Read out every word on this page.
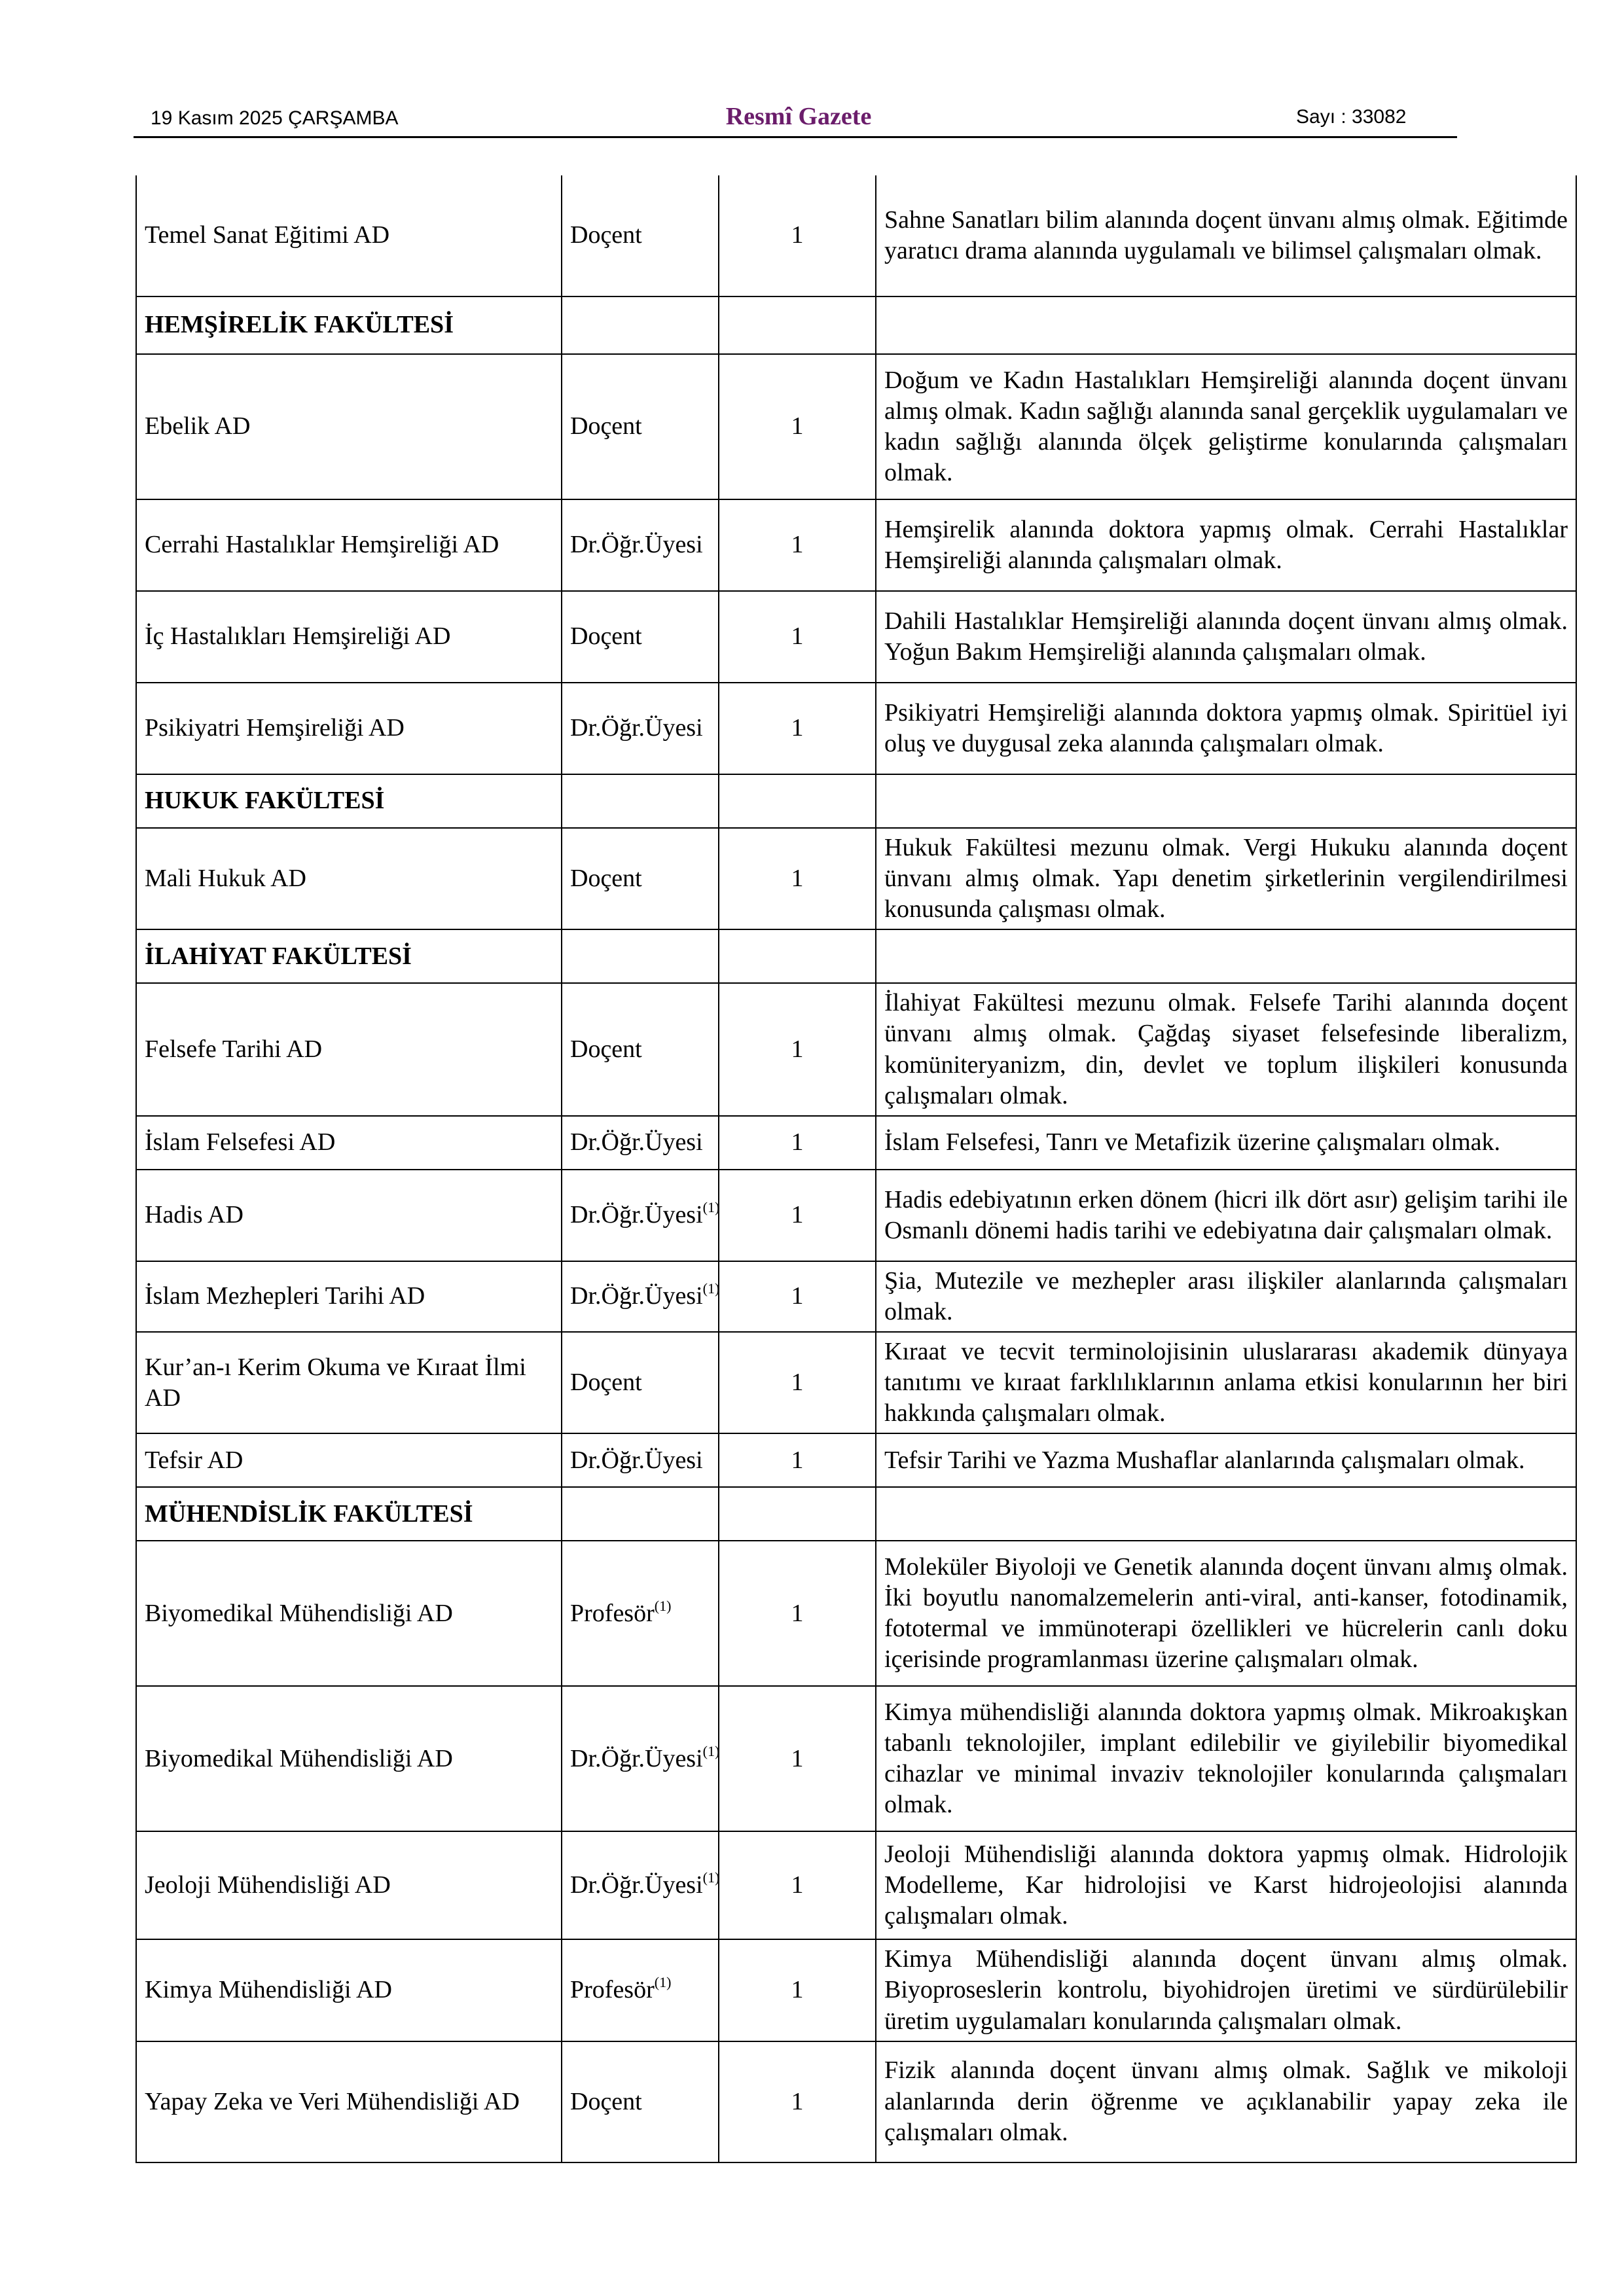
19 Kasım 2025 ÇARŞAMBA	Resmî Gazete	Sayı : 33082
Temel Sanat Eğitimi AD	Doçent	1	Sahne Sanatları bilim alanında doçent ünvanı almış olmak. Eğitimde yaratıcı drama alanında uygulamalı ve bilimsel çalışmaları olmak.
HEMŞİRELİK FAKÜLTESİ			
Ebelik AD	Doçent	1	Doğum ve Kadın Hastalıkları Hemşireliği alanında doçent ünvanı almış olmak. Kadın sağlığı alanında sanal gerçeklik uygulamaları ve kadın sağlığı alanında ölçek geliştirme konularında çalışmaları olmak.
Cerrahi Hastalıklar Hemşireliği AD	Dr.Öğr.Üyesi	1	Hemşirelik alanında doktora yapmış olmak. Cerrahi Hastalıklar Hemşireliği alanında çalışmaları olmak.
İç Hastalıkları Hemşireliği AD	Doçent	1	Dahili Hastalıklar Hemşireliği alanında doçent ünvanı almış olmak. Yoğun Bakım Hemşireliği alanında çalışmaları olmak.
Psikiyatri Hemşireliği AD	Dr.Öğr.Üyesi	1	Psikiyatri Hemşireliği alanında doktora yapmış olmak. Spiritüel iyi oluş ve duygusal zeka alanında çalışmaları olmak.
HUKUK FAKÜLTESİ			
Mali Hukuk AD	Doçent	1	Hukuk Fakültesi mezunu olmak. Vergi Hukuku alanında doçent ünvanı almış olmak. Yapı denetim şirketlerinin vergilendirilmesi konusunda çalışması olmak.
İLAHİYAT FAKÜLTESİ			
Felsefe Tarihi AD	Doçent	1	İlahiyat Fakültesi mezunu olmak. Felsefe Tarihi alanında doçent ünvanı almış olmak. Çağdaş siyaset felsefesinde liberalizm, komüniteryanizm, din, devlet ve toplum ilişkileri konusunda çalışmaları olmak.
İslam Felsefesi AD	Dr.Öğr.Üyesi	1	İslam Felsefesi, Tanrı ve Metafizik üzerine çalışmaları olmak.
Hadis AD	Dr.Öğr.Üyesi$^{(1)}$	1	Hadis edebiyatının erken dönem (hicri ilk dört asır) gelişim tarihi ile Osmanlı dönemi hadis tarihi ve edebiyatına dair çalışmaları olmak.
İslam Mezhepleri Tarihi AD	Dr.Öğr.Üyesi$^{(1)}$	1	Şia, Mutezile ve mezhepler arası ilişkiler alanlarında çalışmaları olmak.
Kur’an-ı Kerim Okuma ve Kıraat İlmi AD	Doçent	1	Kıraat ve tecvit terminolojisinin uluslararası akademik dünyaya tanıtımı ve kıraat farklılıklarının anlama etkisi konularının her biri hakkında çalışmaları olmak.
Tefsir AD	Dr.Öğr.Üyesi	1	Tefsir Tarihi ve Yazma Mushaflar alanlarında çalışmaları olmak.
MÜHENDİSLİK FAKÜLTESİ			
Biyomedikal Mühendisliği AD	Profesör$^{(1)}$	1	Moleküler Biyoloji ve Genetik alanında doçent ünvanı almış olmak. İki boyutlu nanomalzemelerin anti-viral, anti-kanser, fotodinamik, fototermal ve immünoterapi özellikleri ve hücrelerin canlı doku içerisinde programlanması üzerine çalışmaları olmak.
Biyomedikal Mühendisliği AD	Dr.Öğr.Üyesi$^{(1)}$	1	Kimya mühendisliği alanında doktora yapmış olmak. Mikroakışkan tabanlı teknolojiler, implant edilebilir ve giyilebilir biyomedikal cihazlar ve minimal invaziv teknolojiler konularında çalışmaları olmak.
Jeoloji Mühendisliği AD	Dr.Öğr.Üyesi$^{(1)}$	1	Jeoloji Mühendisliği alanında doktora yapmış olmak. Hidrolojik Modelleme, Kar hidrolojisi ve Karst hidrojeolojisi alanında çalışmaları olmak.
Kimya Mühendisliği AD	Profesör$^{(1)}$	1	Kimya Mühendisliği alanında doçent ünvanı almış olmak. Biyoproseslerin kontrolu, biyohidrojen üretimi ve sürdürülebilir üretim uygulamaları konularında çalışmaları olmak.
Yapay Zeka ve Veri Mühendisliği AD	Doçent	1	Fizik alanında doçent ünvanı almış olmak. Sağlık ve mikoloji alanlarında derin öğrenme ve açıklanabilir yapay zeka ile çalışmaları olmak.
